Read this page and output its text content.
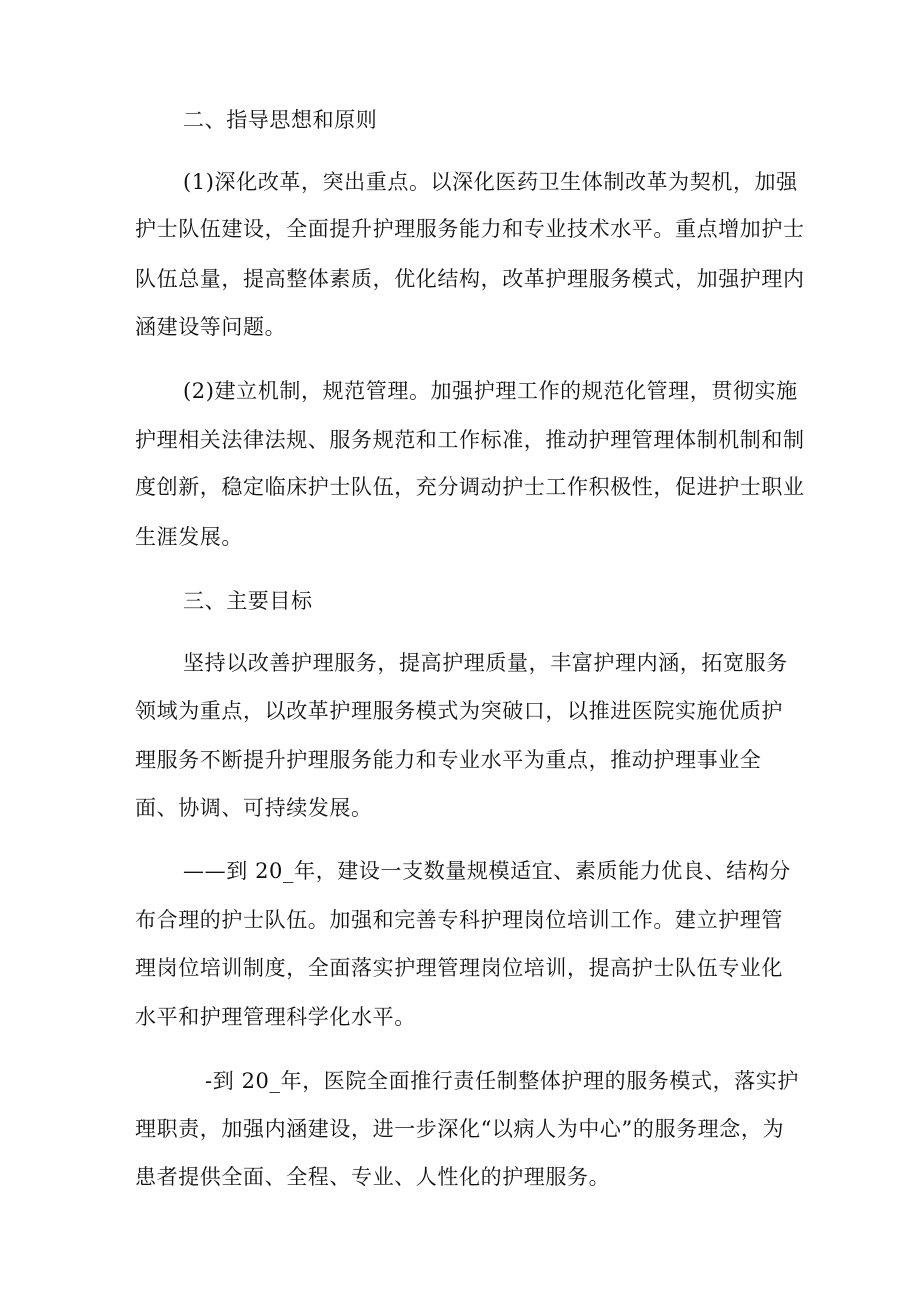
二、指导思想和原则

(1)深化改革，突出重点。以深化医药卫生体制改革为契机，加强

护士队伍建设，全面提升护理服务能力和专业技术水平。重点增加护士

队伍总量，提高整体素质，优化结构，改革护理服务模式，加强护理内

涵建设等问题。

(2)建立机制，规范管理。加强护理工作的规范化管理，贯彻实施

护理相关法律法规、服务规范和工作标准，推动护理管理体制机制和制

度创新，稳定临床护士队伍，充分调动护士工作积极性，促进护士职业

生涯发展。

三、主要目标

坚持以改善护理服务，提高护理质量，丰富护理内涵，拓宽服务

领域为重点，以改革护理服务模式为突破口，以推进医院实施优质护

理服务不断提升护理服务能力和专业水平为重点，推动护理事业全

面、协调、可持续发展。

——到 20_年，建设一支数量规模适宜、素质能力优良、结构分

布合理的护士队伍。加强和完善专科护理岗位培训工作。建立护理管

理岗位培训制度，全面落实护理管理岗位培训，提高护士队伍专业化

水平和护理管理科学化水平。

-到 20_年，医院全面推行责任制整体护理的服务模式，落实护

理职责，加强内涵建设，进一步深化“以病人为中心”的服务理念，为

患者提供全面、全程、专业、人性化的护理服务。
